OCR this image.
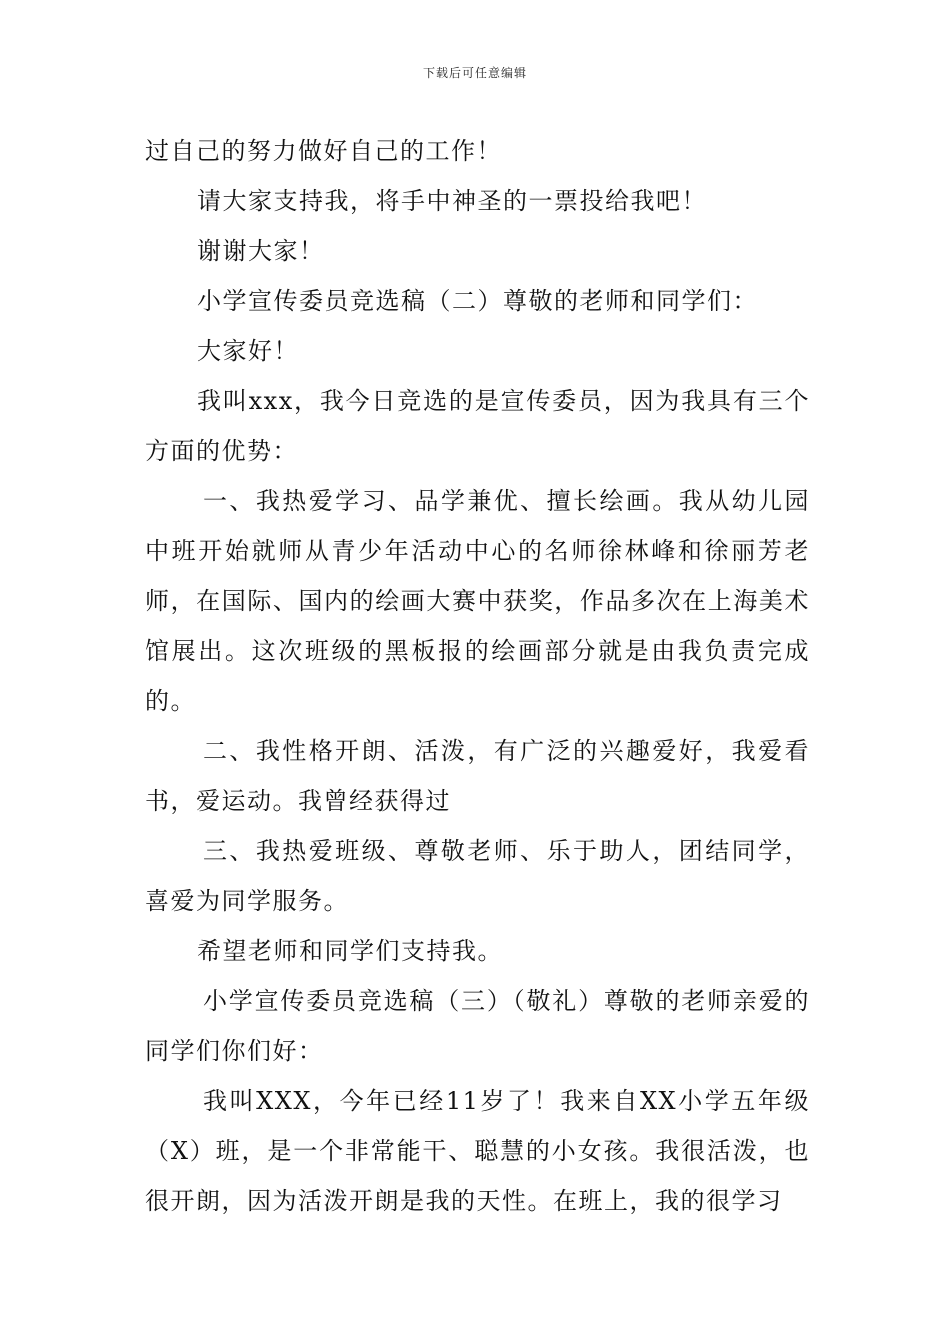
下载后可任意编辑

过自己的努力做好自己的工作！

请大家支持我，将手中神圣的一票投给我吧！

谢谢大家！

小学宣传委员竞选稿（二）尊敬的老师和同学们：

大家好！

我叫xxx，我今日竞选的是宣传委员，因为我具有三个方面的优势：

一、我热爱学习、品学兼优、擅长绘画。我从幼儿园中班开始就师从青少年活动中心的名师徐林峰和徐丽芳老师，在国际、国内的绘画大赛中获奖，作品多次在上海美术馆展出。这次班级的黑板报的绘画部分就是由我负责完成的。

二、我性格开朗、活泼，有广泛的兴趣爱好，我爱看书，爱运动。我曾经获得过

三、我热爱班级、尊敬老师、乐于助人，团结同学，喜爱为同学服务。

希望老师和同学们支持我。

小学宣传委员竞选稿（三）（敬礼）尊敬的老师亲爱的同学们你们好：

我叫XXX，今年已经11岁了！我来自XX小学五年级（X）班，是一个非常能干、聪慧的小女孩。我很活泼，也很开朗，因为活泼开朗是我的天性。在班上，我的很学习
